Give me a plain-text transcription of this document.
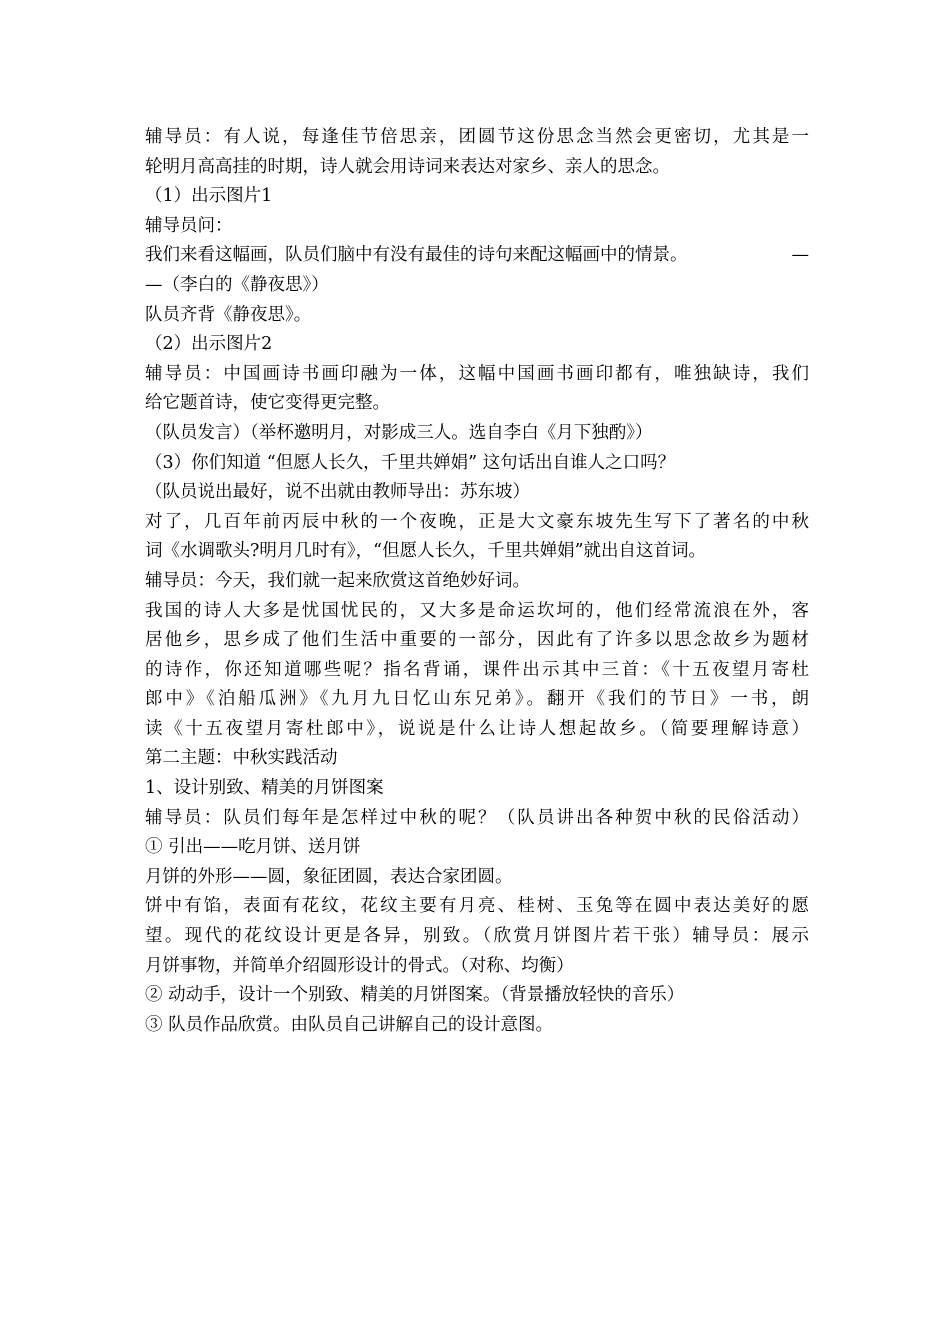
辅导员：有人说，每逢佳节倍思亲，团圆节这份思念当然会更密切，尤其是一
轮明月高高挂的时期，诗人就会用诗词来表达对家乡、亲人的思念。
（1）出示图片1
辅导员问：
我们来看这幅画，队员们脑中有没有最佳的诗句来配这幅画中的情景。	—
—（李白的《静夜思》）
队员齐背《静夜思》。
（2）出示图片2
辅导员：中国画诗书画印融为一体，这幅中国画书画印都有，唯独缺诗，我们
给它题首诗，使它变得更完整。
（队员发言）（举杯邀明月，对影成三人。选自李白《月下独酌》）
（3）你们知道 “但愿人长久，千里共婵娟” 这句话出自谁人之口吗？
（队员说出最好，说不出就由教师导出：苏东坡）
对了，几百年前丙辰中秋的一个夜晚，正是大文豪东坡先生写下了著名的中秋
词《水调歌头?明月几时有》，“但愿人长久，千里共婵娟”就出自这首词。
辅导员：今天，我们就一起来欣赏这首绝妙好词。
我国的诗人大多是忧国忧民的，又大多是命运坎坷的，他们经常流浪在外，客
居他乡，思乡成了他们生活中重要的一部分，因此有了许多以思念故乡为题材
的诗作，你还知道哪些呢？指名背诵，课件出示其中三首：《十五夜望月寄杜
郎中》《泊船瓜洲》《九月九日忆山东兄弟》。翻开《我们的节日》一书，朗
读《十五夜望月寄杜郎中》，说说是什么让诗人想起故乡。（简要理解诗意）
第二主题：中秋实践活动
1、设计别致、精美的月饼图案
辅导员：队员们每年是怎样过中秋的呢？（队员讲出各种贺中秋的民俗活动）
① 引出——吃月饼、送月饼
月饼的外形——圆，象征团圆，表达合家团圆。
饼中有馅，表面有花纹，花纹主要有月亮、桂树、玉兔等在圆中表达美好的愿
望。现代的花纹设计更是各异，别致。（欣赏月饼图片若干张）辅导员：展示
月饼事物，并简单介绍圆形设计的骨式。（对称、均衡）
② 动动手，设计一个别致、精美的月饼图案。（背景播放轻快的音乐）
③ 队员作品欣赏。由队员自己讲解自己的设计意图。
